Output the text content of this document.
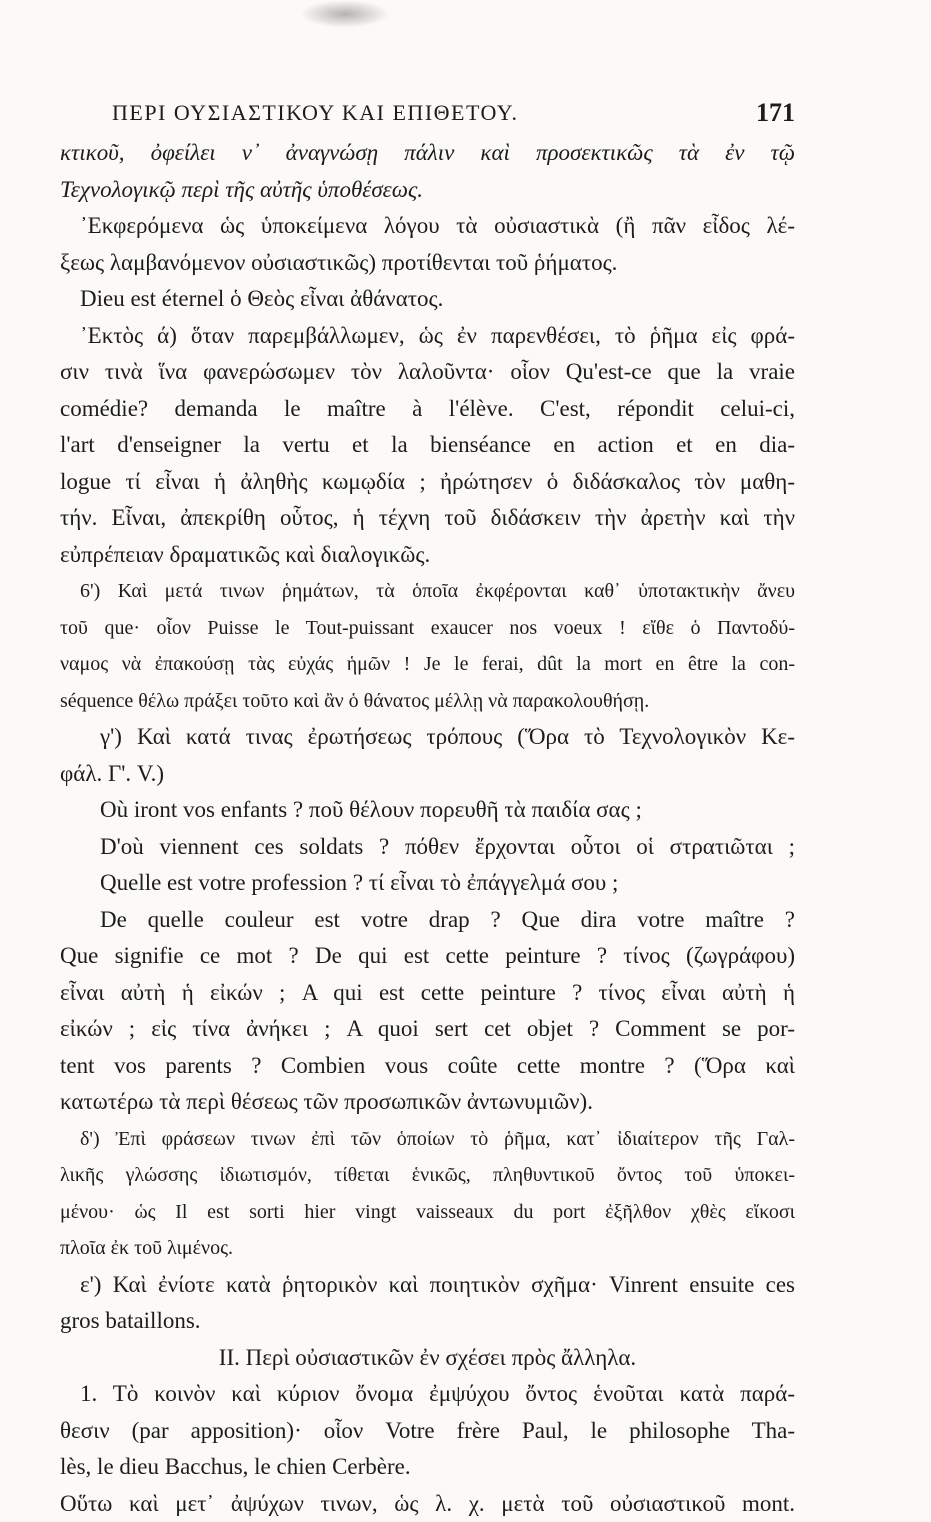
ΠΕΡΙ ΟΥΣΙΑΣΤΙΚΟΥ ΚΑΙ ΕΠΙΘΕΤΟΥ.	171
κτικοῦ, ὀφείλει ν᾽ ἀναγνώσῃ πάλιν καὶ προσεκτικῶς τὰ ἐν τῷ
Τεχνολογικῷ περὶ τῆς αὐτῆς ὑποθέσεως.
᾽Εκφερόμενα ὡς ὑποκείμενα λόγου τὰ οὐσιαστικὰ (ἢ πᾶν εἶδος λέ-
ξεως λαμβανόμενον οὐσιαστικῶς) προτίθενται τοῦ ῥήματος.
Dieu est éternel ὁ Θεὸς εἶναι ἀθάνατος.
᾽Εκτὸς ά) ὅταν παρεμβάλλωμεν, ὡς ἐν παρενθέσει, τὸ ῥῆμα εἰς φρά-
σιν τινὰ ἵνα φανερώσωμεν τὸν λαλοῦντα· οἷον Qu'est-ce que la vraie
comédie? demanda le maître à l'élève. C'est, répondit celui-ci,
l'art d'enseigner la vertu et la bienséance en action et en dia-
logue τί εἶναι ἡ ἀληθὴς κωμῳδία ; ἠρώτησεν ὁ διδάσκαλος τὸν μαθη-
τήν. Εἶναι, ἀπεκρίθη οὗτος, ἡ τέχνη τοῦ διδάσκειν τὴν ἀρετὴν καὶ τὴν
εὐπρέπειαν δραματικῶς καὶ διαλογικῶς.
6') Καὶ μετά τινων ῥημάτων, τὰ ὁποῖα ἐκφέρονται καθ᾽ ὑποτακτικὴν ἄνευ
τοῦ que· οἷον Puisse le Tout-puissant exaucer nos voeux ! εἴθε ὁ Παντοδύ-
ναμος νὰ ἐπακούσῃ τὰς εὐχάς ἡμῶν ! Je le ferai, dût la mort en être la con-
séquence θέλω πράξει τοῦτο καὶ ἂν ὁ θάνατος μέλλῃ νὰ παρακολουθήσῃ.
γ') Καὶ κατά τινας ἐρωτήσεως τρόπους (Ὅρα τὸ Τεχνολογικὸν Κε-
φάλ. Γ'. V.)
Où iront vos enfants ? ποῦ θέλουν πορευθῆ τὰ παιδία σας ;
D'où viennent ces soldats ? πόθεν ἔρχονται οὗτοι οἱ στρατιῶται ;
Quelle est votre profession ? τί εἶναι τὸ ἐπάγγελμά σου ;
De quelle couleur est votre drap ? Que dira votre maître ?
Que signifie ce mot ? De qui est cette peinture ? τίνος (ζωγράφου)
εἶναι αὐτὴ ἡ εἰκών ; A qui est cette peinture ? τίνος εἶναι αὐτὴ ἡ
εἰκών ; εἰς τίνα ἀνήκει ; A quoi sert cet objet ? Comment se por-
tent vos parents ? Combien vous coûte cette montre ? (Ὅρα καὶ
κατωτέρω τὰ περὶ θέσεως τῶν προσωπικῶν ἀντωνυμιῶν).
δ') Ἐπὶ φράσεων τινων ἐπὶ τῶν ὁποίων τὸ ῥῆμα, κατ᾽ ἰδιαίτερον τῆς Γαλ-
λικῆς γλώσσης ἰδιωτισμόν, τίθεται ἑνικῶς, πληθυντικοῦ ὄντος τοῦ ὑποκει-
μένου· ὡς Il est sorti hier vingt vaisseaux du port ἐξῆλθον χθὲς εἴκοσι
πλοῖα ἐκ τοῦ λιμένος.
ε') Καὶ ἐνίοτε κατὰ ῥητορικὸν καὶ ποιητικὸν σχῆμα· Vinrent ensuite ces
gros bataillons.
II. Περὶ οὐσιαστικῶν ἐν σχέσει πρὸς ἄλληλα.
1. Τὸ κοινὸν καὶ κύριον ὄνομα ἐμψύχου ὄντος ἑνοῦται κατὰ παρά-
θεσιν (par apposition)· οἷον Votre frère Paul, le philosophe Tha-
lès, le dieu Bacchus, le chien Cerbère.
Οὕτω καὶ μετ᾽ ἀψύχων τινων, ὡς λ. χ. μετὰ τοῦ οὐσιαστικοῦ mont.
